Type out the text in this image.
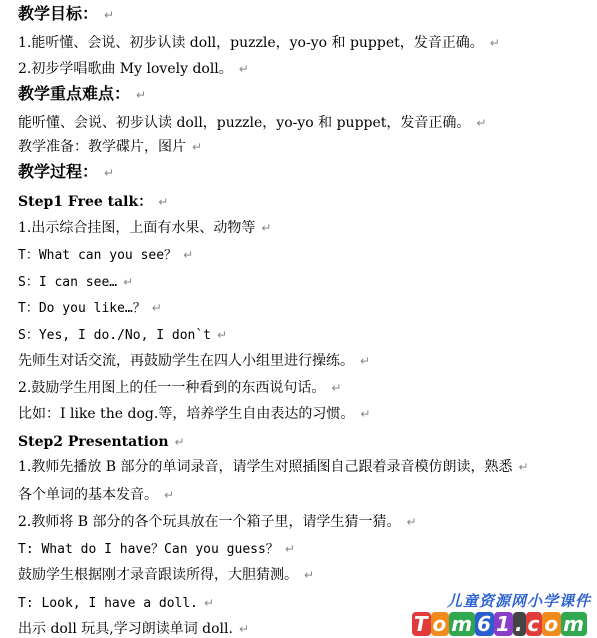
教学目标： ↵
1.能听懂、会说、初步认读 doll，puzzle，yo-yo 和 puppet，发音正确。 ↵
2.初步学唱歌曲 My lovely doll。 ↵
教学重点难点： ↵
能听懂、会说、初步认读 doll，puzzle，yo-yo 和 puppet，发音正确。 ↵
教学准备：教学碟片，图片 ↵
教学过程： ↵
Step1 Free talk： ↵
1.出示综合挂图，上面有水果、动物等 ↵
T：What can you see？ ↵
S：I can see… ↵
T：Do you like…？ ↵
S：Yes, I do./No, I don`t ↵
先师生对话交流，再鼓励学生在四人小组里进行操练。 ↵
2.鼓励学生用图上的任一一种看到的东西说句话。 ↵
比如：I like the dog.等，培养学生自由表达的习惯。 ↵
Step2 Presentation ↵
1.教师先播放 B 部分的单词录音，请学生对照插图自己跟着录音模仿朗读，熟悉 ↵
各个单词的基本发音。 ↵
2.教师将 B 部分的各个玩具放在一个箱子里，请学生猜一猜。 ↵
T: What do I have？Can you guess？ ↵
鼓励学生根据刚才录音跟读所得，大胆猜测。 ↵
T: Look, I have a doll. ↵
出示 doll 玩具,学习朗读单词 doll. ↵
儿童资源网小学课件
T o m 6 1 . c o m
